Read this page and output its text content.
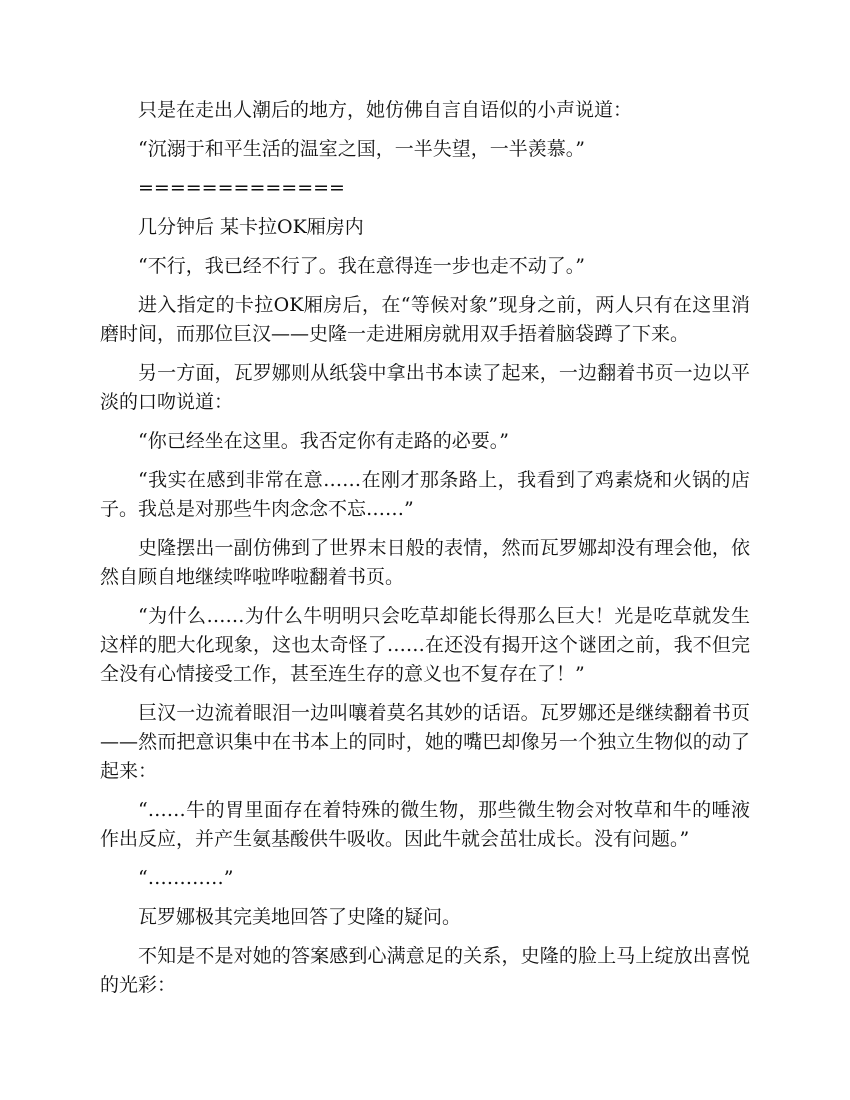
只是在走出人潮后的地方，她仿佛自言自语似的小声说道：

“沉溺于和平生活的温室之国，一半失望，一半羡慕。”

=============

几分钟后 某卡拉OK厢房内

“不行，我已经不行了。我在意得连一步也走不动了。”

进入指定的卡拉OK厢房后，在“等候对象”现身之前，两人只有在这里消磨时间，而那位巨汉——史隆一走进厢房就用双手捂着脑袋蹲了下来。

另一方面，瓦罗娜则从纸袋中拿出书本读了起来，一边翻着书页一边以平淡的口吻说道：

“你已经坐在这里。我否定你有走路的必要。”

“我实在感到非常在意……在刚才那条路上，我看到了鸡素烧和火锅的店子。我总是对那些牛肉念念不忘……”

史隆摆出一副仿佛到了世界末日般的表情，然而瓦罗娜却没有理会他，依然自顾自地继续哗啦哗啦翻着书页。

“为什么……为什么牛明明只会吃草却能长得那么巨大！光是吃草就发生这样的肥大化现象，这也太奇怪了……在还没有揭开这个谜团之前，我不但完全没有心情接受工作，甚至连生存的意义也不复存在了！”

巨汉一边流着眼泪一边叫嚷着莫名其妙的话语。瓦罗娜还是继续翻着书页——然而把意识集中在书本上的同时，她的嘴巴却像另一个独立生物似的动了起来：

“……牛的胃里面存在着特殊的微生物，那些微生物会对牧草和牛的唾液作出反应，并产生氨基酸供牛吸收。因此牛就会茁壮成长。没有问题。”

“…………”

瓦罗娜极其完美地回答了史隆的疑问。

不知是不是对她的答案感到心满意足的关系，史隆的脸上马上绽放出喜悦的光彩：
